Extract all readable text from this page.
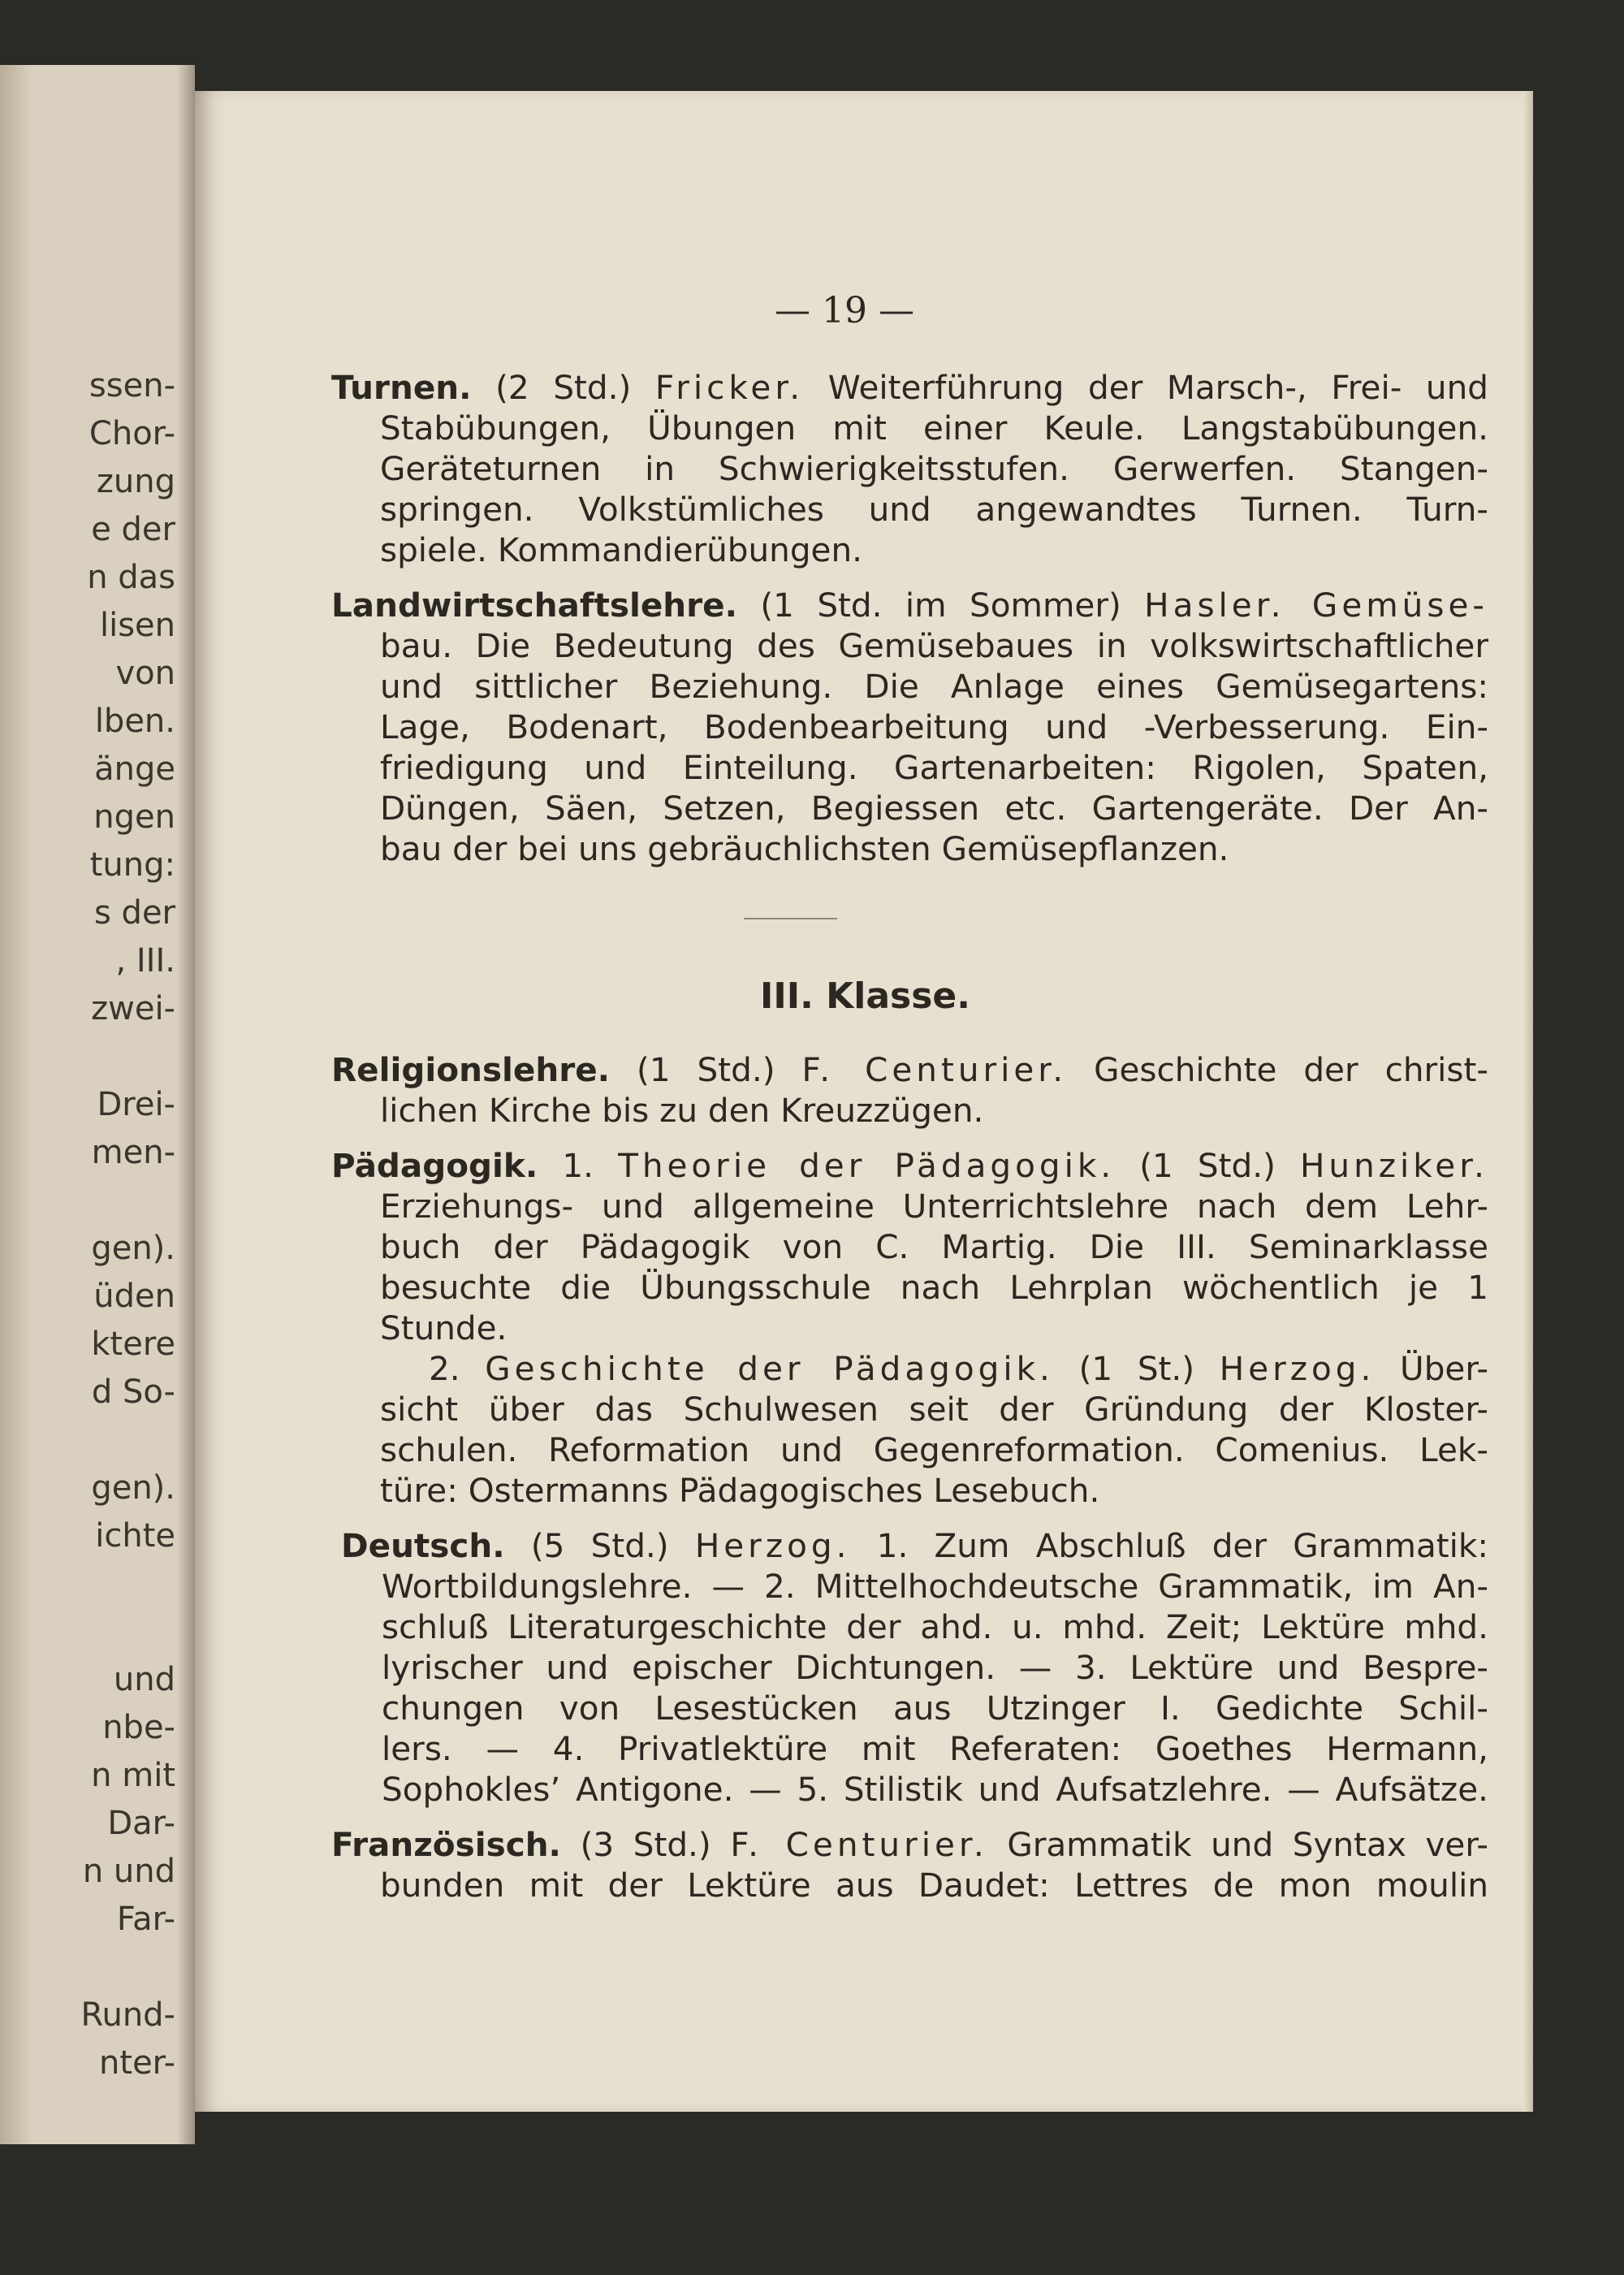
ssen-
Chor-
zung
e der
n das
lisen
von
lben.
änge
ngen
tung:
s der
, III.
zwei-
Drei-
men-
gen).
üden
ktere
d So-
gen).
ichte
und
nbe-
n mit
Dar-
n und
Far-
Rund-
nter-
— 19 —
Turnen. (2 Std.) Fricker. Weiterführung der Marsch-, Frei- und
Stabübungen, Übungen mit einer Keule. Langstabübungen.
Geräteturnen in Schwierigkeitsstufen. Gerwerfen. Stangen-
springen. Volkstümliches und angewandtes Turnen. Turn-
spiele. Kommandierübungen.
Landwirtschaftslehre. (1 Std. im Sommer) Hasler. Gemüse-
bau. Die Bedeutung des Gemüsebaues in volkswirtschaftlicher
und sittlicher Beziehung. Die Anlage eines Gemüsegartens:
Lage, Bodenart, Bodenbearbeitung und -Verbesserung. Ein-
friedigung und Einteilung. Gartenarbeiten: Rigolen, Spaten,
Düngen, Säen, Setzen, Begiessen etc. Gartengeräte. Der An-
bau der bei uns gebräuchlichsten Gemüsepflanzen.
III. Klasse.
Religionslehre. (1 Std.) F. Centurier. Geschichte der christ-
lichen Kirche bis zu den Kreuzzügen.
Pädagogik. 1. Theorie der Pädagogik. (1 Std.) Hunziker.
Erziehungs- und allgemeine Unterrichtslehre nach dem Lehr-
buch der Pädagogik von C. Martig. Die III. Seminarklasse
besuchte die Übungsschule nach Lehrplan wöchentlich je 1
Stunde.
2. Geschichte der Pädagogik. (1 St.) Herzog. Über-
sicht über das Schulwesen seit der Gründung der Kloster-
schulen. Reformation und Gegenreformation. Comenius. Lek-
türe: Ostermanns Pädagogisches Lesebuch.
Deutsch. (5 Std.) Herzog. 1. Zum Abschluß der Grammatik:
Wortbildungslehre. — 2. Mittelhochdeutsche Grammatik, im An-
schluß Literaturgeschichte der ahd. u. mhd. Zeit; Lektüre mhd.
lyrischer und epischer Dichtungen. — 3. Lektüre und Bespre-
chungen von Lesestücken aus Utzinger I. Gedichte Schil-
lers. — 4. Privatlektüre mit Referaten: Goethes Hermann,
Sophokles’ Antigone. — 5. Stilistik und Aufsatzlehre. — Aufsätze.
Französisch. (3 Std.) F. Centurier. Grammatik und Syntax ver-
bunden mit der Lektüre aus Daudet: Lettres de mon moulin
